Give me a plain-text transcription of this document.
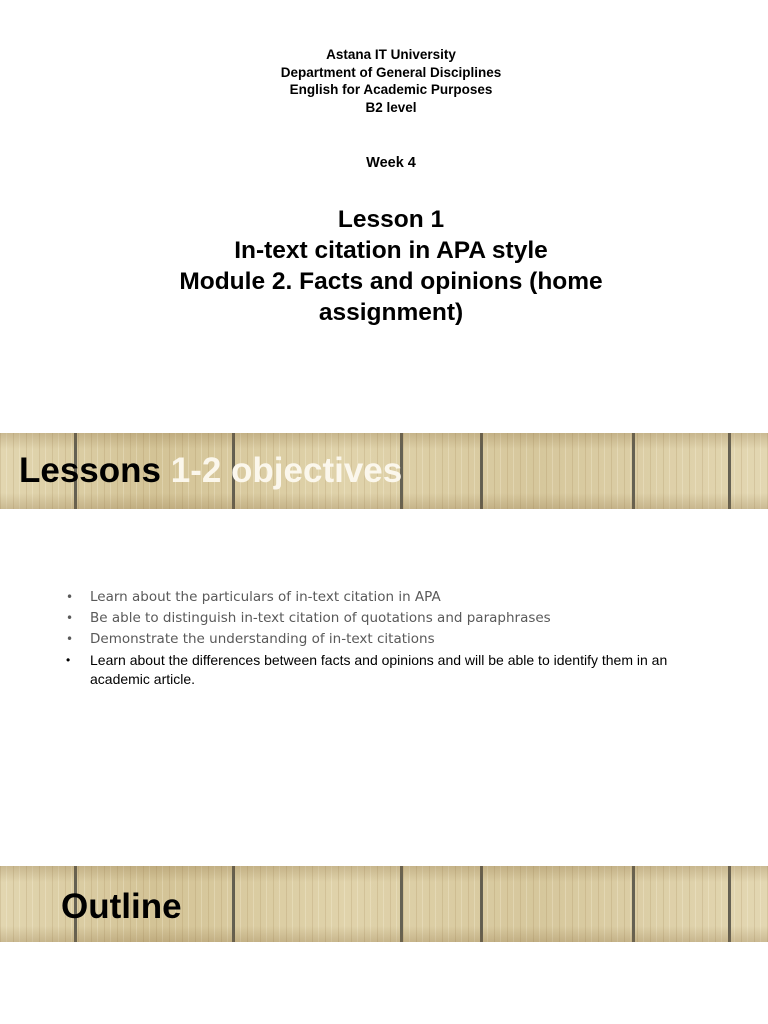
Astana IT University
Department of General Disciplines
English for Academic Purposes
B2 level
Week 4
Lesson 1
In-text citation in APA style
Module 2. Facts and opinions (home assignment)
Lessons 1-2 objectives
• Learn about the particulars of in-text citation in APA
• Be able to distinguish in-text citation of quotations and paraphrases
• Demonstrate the understanding of in-text citations
• Learn about the differences between facts and opinions and will be able to identify them in an academic article.
Outline
